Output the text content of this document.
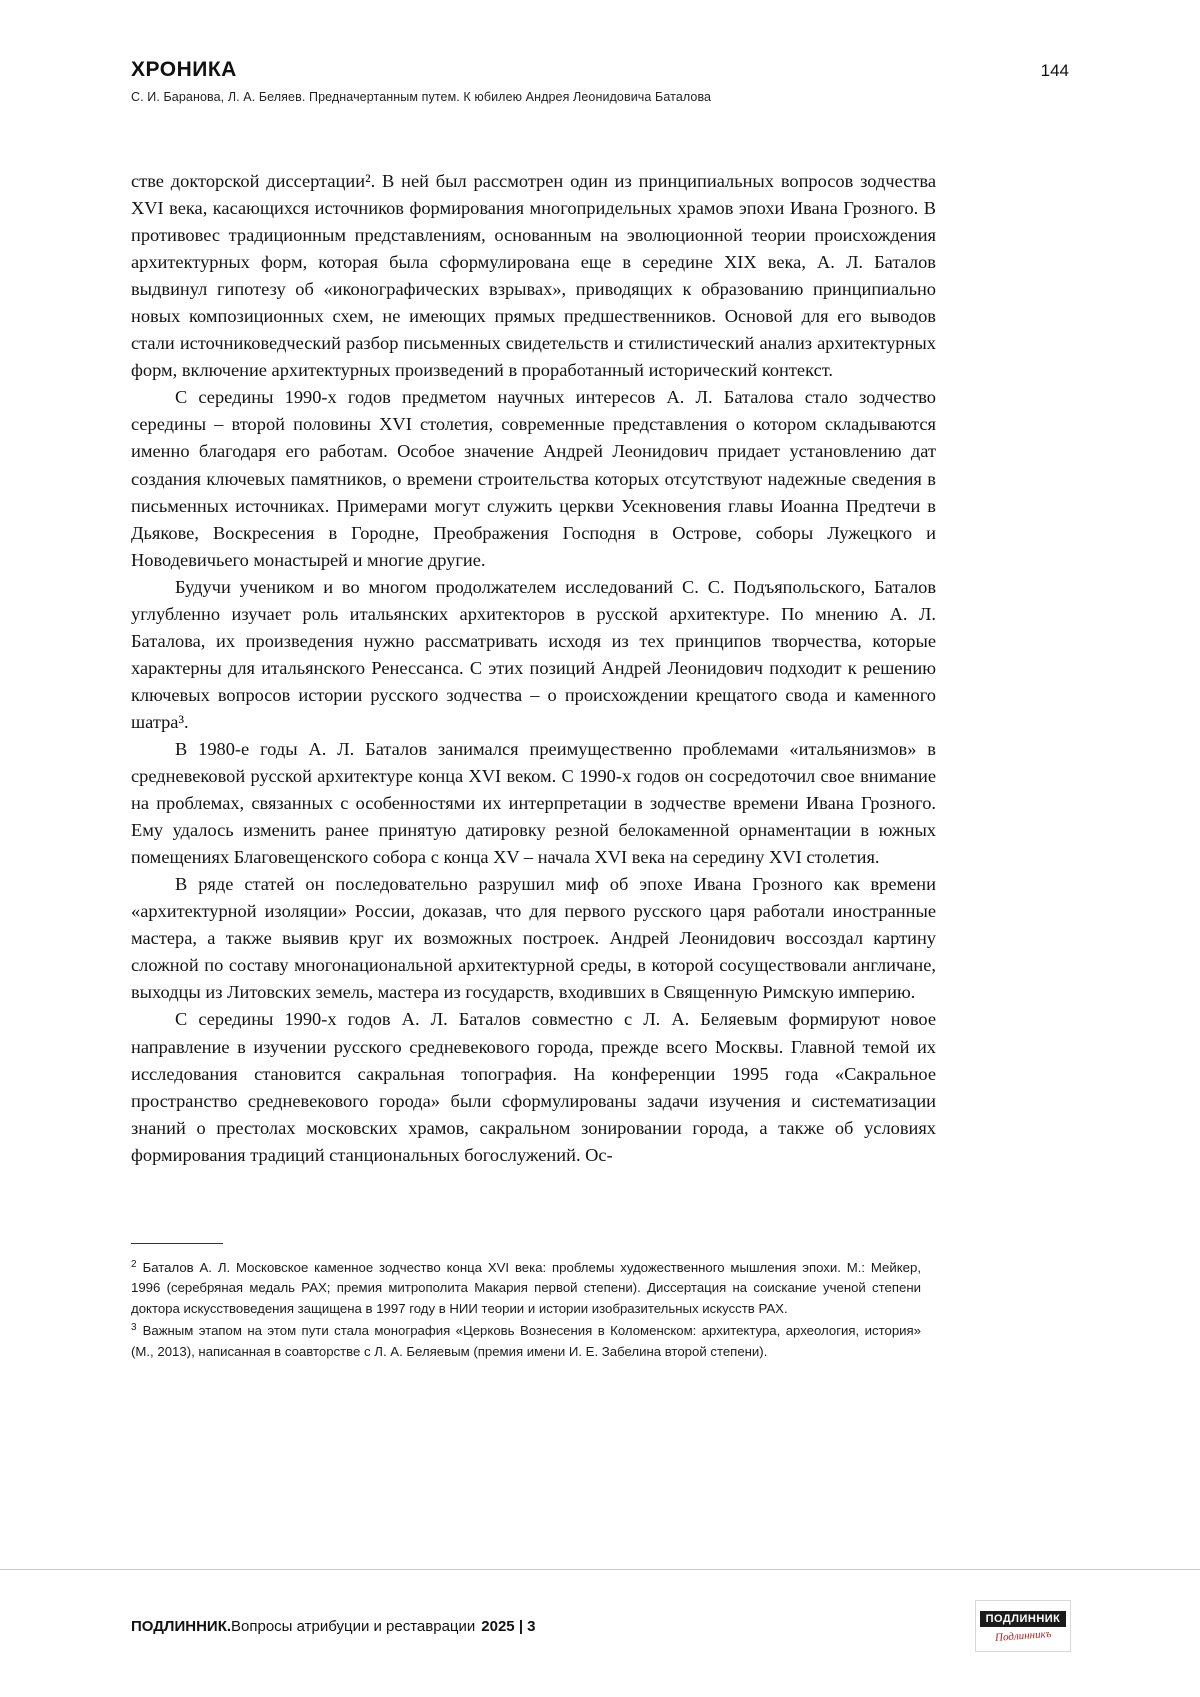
ХРОНИКА	144
С. И. Баранова, Л. А. Беляев. Предначертанным путем. К юбилею Андрея Леонидовича Баталова

стве докторской диссертации². В ней был рассмотрен один из принципиальных вопросов зодчества XVI века, касающихся источников формирования многопридельных храмов эпохи Ивана Грозного. В противовес традиционным представлениям, основанным на эволюционной теории происхождения архитектурных форм, которая была сформулирована еще в середине XIX века, А. Л. Баталов выдвинул гипотезу об «иконографических взрывах», приводящих к образованию принципиально новых композиционных схем, не имеющих прямых предшественников. Основой для его выводов стали источниковедческий разбор письменных свидетельств и стилистический анализ архитектурных форм, включение архитектурных произведений в проработанный исторический контекст.

С середины 1990-х годов предметом научных интересов А. Л. Баталова стало зодчество середины – второй половины XVI столетия, современные представления о котором складываются именно благодаря его работам. Особое значение Андрей Леонидович придает установлению дат создания ключевых памятников, о времени строительства которых отсутствуют надежные сведения в письменных источниках. Примерами могут служить церкви Усекновения главы Иоанна Предтечи в Дьякове, Воскресения в Городне, Преображения Господня в Острове, соборы Лужецкого и Новодевичьего монастырей и многие другие.

Будучи учеником и во многом продолжателем исследований С. С. Подъяпольского, Баталов углубленно изучает роль итальянских архитекторов в русской архитектуре. По мнению А. Л. Баталова, их произведения нужно рассматривать исходя из тех принципов творчества, которые характерны для итальянского Ренессанса. С этих позиций Андрей Леонидович подходит к решению ключевых вопросов истории русского зодчества – о происхождении крещатого свода и каменного шатра³.

В 1980-е годы А. Л. Баталов занимался преимущественно проблемами «итальянизмов» в средневековой русской архитектуре конца XVI веком. С 1990-х годов он сосредоточил свое внимание на проблемах, связанных с особенностями их интерпретации в зодчестве времени Ивана Грозного. Ему удалось изменить ранее принятую датировку резной белокаменной орнаментации в южных помещениях Благовещенского собора с конца XV – начала XVI века на середину XVI столетия.

В ряде статей он последовательно разрушил миф об эпохе Ивана Грозного как времени «архитектурной изоляции» России, доказав, что для первого русского царя работали иностранные мастера, а также выявив круг их возможных построек. Андрей Леонидович воссоздал картину сложной по составу многонациональной архитектурной среды, в которой сосуществовали англичане, выходцы из Литовских земель, мастера из государств, входивших в Священную Римскую империю.

С середины 1990-х годов А. Л. Баталов совместно с Л. А. Беляевым формируют новое направление в изучении русского средневекового города, прежде всего Москвы. Главной темой их исследования становится сакральная топография. На конференции 1995 года «Сакральное пространство средневекового города» были сформулированы задачи изучения и систематизации знаний о престолах московских храмов, сакральном зонировании города, а также об условиях формирования традиций станциональных богослужений. Ос-

$^2$ Баталов А. Л. Московское каменное зодчество конца XVI века: проблемы художественного мышления эпохи. М.: Мейкер, 1996 (серебряная медаль РАХ; премия митрополита Макария первой степени). Диссертация на соискание ученой степени доктора искусствоведения защищена в 1997 году в НИИ теории и истории изобразительных искусств РАХ.
$^3$ Важным этапом на этом пути стала монография «Церковь Вознесения в Коломенском: архитектура, археология, история» (М., 2013), написанная в соавторстве с Л. А. Беляевым (премия имени И. Е. Забелина второй степени).
ПОДЛИННИК.Вопросы атрибуции и реставрации 2025 | 3	ПОДЛИННИК
Подлинникъ
